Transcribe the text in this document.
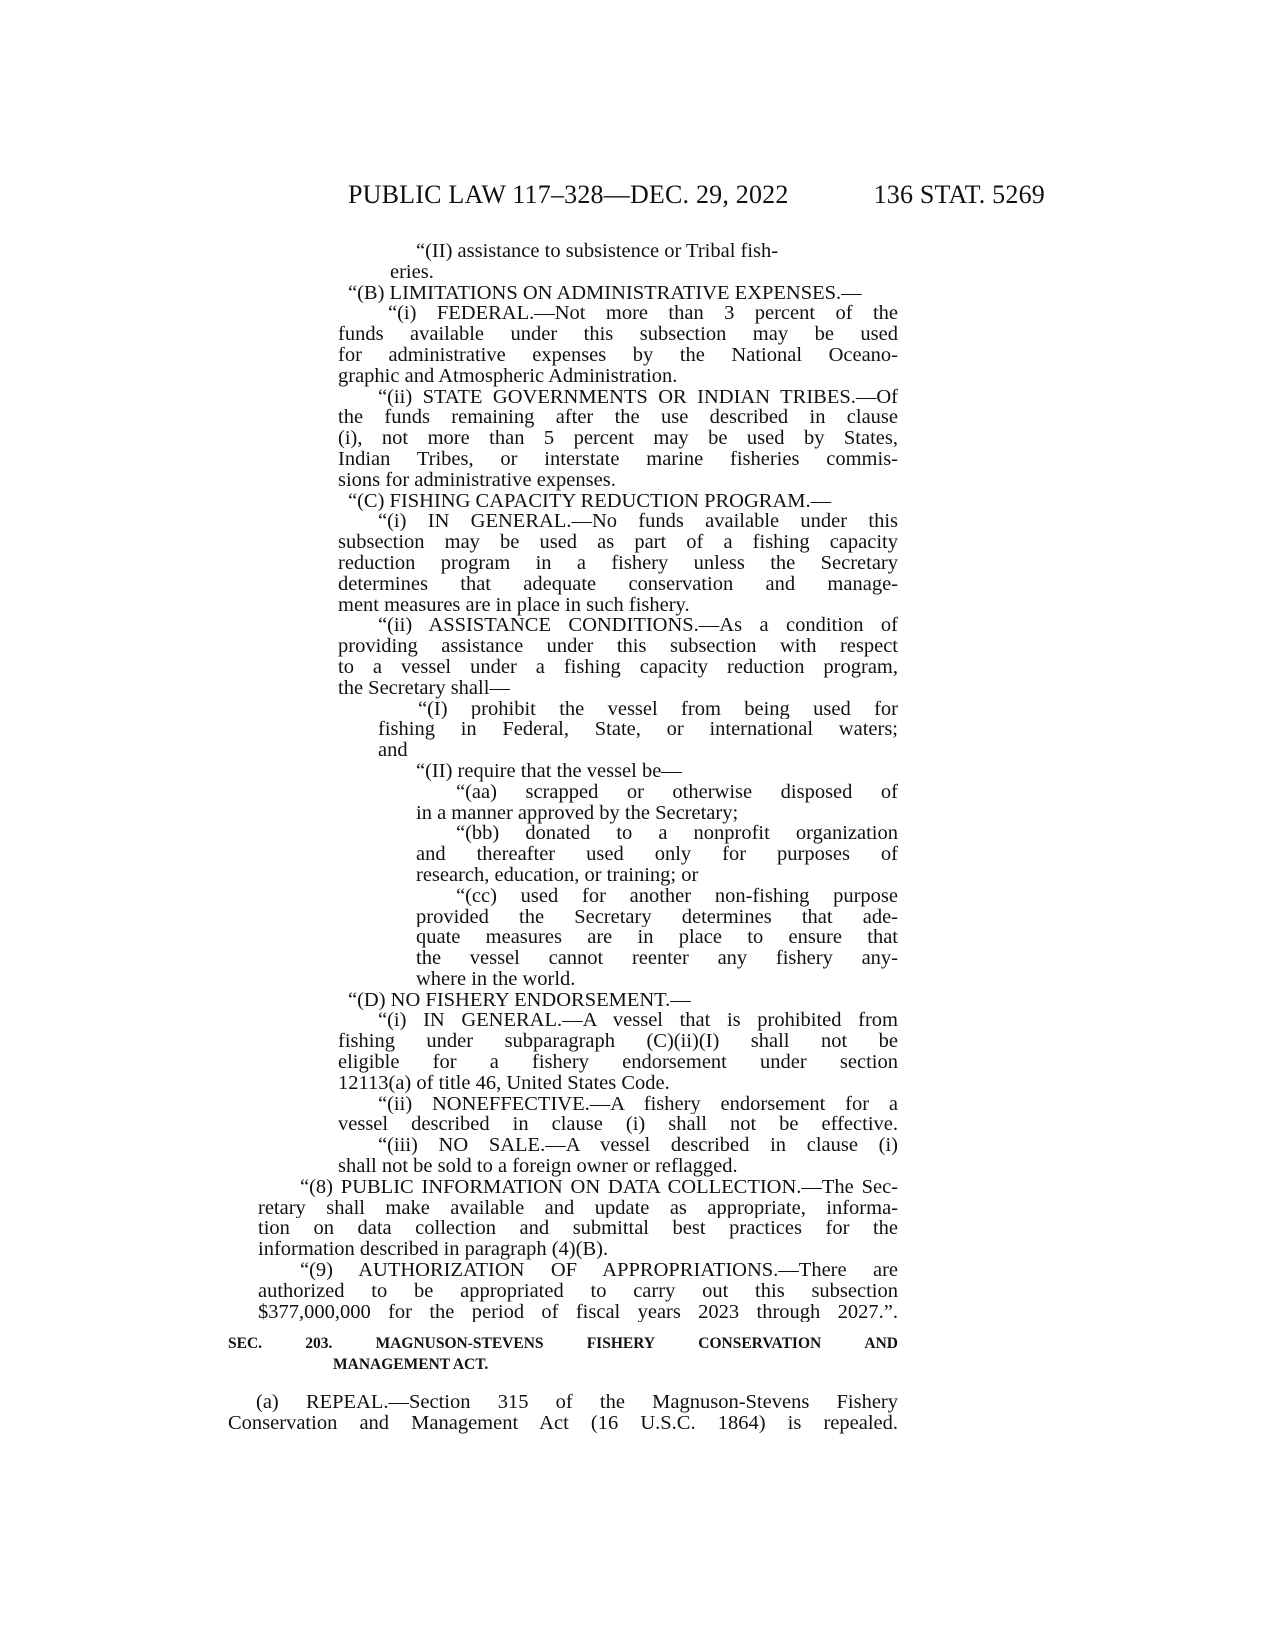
PUBLIC LAW 117–328—DEC. 29, 2022	136 STAT. 5269
“(II) assistance to subsistence or Tribal fish-
eries.
“(B) LIMITATIONS ON ADMINISTRATIVE EXPENSES.—
“(i) FEDERAL.—Not more than 3 percent of the
funds available under this subsection may be used
for administrative expenses by the National Oceano-
graphic and Atmospheric Administration.
“(ii) STATE GOVERNMENTS OR INDIAN TRIBES.—Of
the funds remaining after the use described in clause
(i), not more than 5 percent may be used by States,
Indian Tribes, or interstate marine fisheries commis-
sions for administrative expenses.
“(C) FISHING CAPACITY REDUCTION PROGRAM.—
“(i) IN GENERAL.—No funds available under this
subsection may be used as part of a fishing capacity
reduction program in a fishery unless the Secretary
determines that adequate conservation and manage-
ment measures are in place in such fishery.
“(ii) ASSISTANCE CONDITIONS.—As a condition of
providing assistance under this subsection with respect
to a vessel under a fishing capacity reduction program,
the Secretary shall—
“(I) prohibit the vessel from being used for
fishing in Federal, State, or international waters;
and
“(II) require that the vessel be—
“(aa) scrapped or otherwise disposed of
in a manner approved by the Secretary;
“(bb) donated to a nonprofit organization
and thereafter used only for purposes of
research, education, or training; or
“(cc) used for another non-fishing purpose
provided the Secretary determines that ade-
quate measures are in place to ensure that
the vessel cannot reenter any fishery any-
where in the world.
“(D) NO FISHERY ENDORSEMENT.—
“(i) IN GENERAL.—A vessel that is prohibited from
fishing under subparagraph (C)(ii)(I) shall not be
eligible for a fishery endorsement under section
12113(a) of title 46, United States Code.
“(ii) NONEFFECTIVE.—A fishery endorsement for a
vessel described in clause (i) shall not be effective.
“(iii) NO SALE.—A vessel described in clause (i)
shall not be sold to a foreign owner or reflagged.
“(8) PUBLIC INFORMATION ON DATA COLLECTION.—The Sec-
retary shall make available and update as appropriate, informa-
tion on data collection and submittal best practices for the
information described in paragraph (4)(B).
“(9) AUTHORIZATION OF APPROPRIATIONS.—There are
authorized to be appropriated to carry out this subsection
$377,000,000 for the period of fiscal years 2023 through 2027.”.
SEC.	203.	MAGNUSON-STEVENS	FISHERY	CONSERVATION	AND
MANAGEMENT ACT.
(a) REPEAL.—Section 315 of the Magnuson-Stevens Fishery
Conservation and Management Act (16 U.S.C. 1864) is repealed.
